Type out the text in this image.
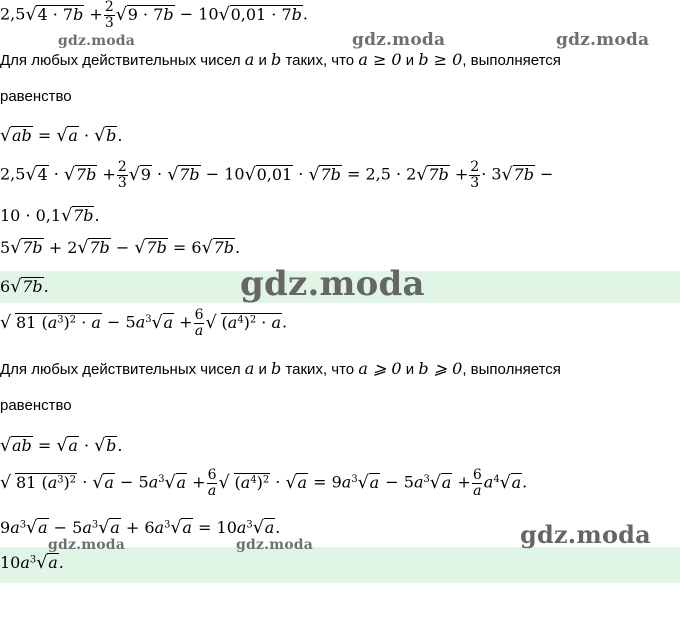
2,5√ $4 \cdot 7b + \frac{2}{3}$
√ 9 · 7b − 10√ 0,01 · 7b.
Для любых действительных чисел a и b таких, что a ≥ 0 и b ≥ 0, выполняется
равенство
√ ab = √ a · √ b.
2,5√ 4 · √ $7b + \frac{2}{3}$
√ 9 · √ 7b − 10√ 0,01 · √ 7b = 2,5 · 2√ $7b + \frac{2}{3} \cdot 3√$ 7b −
10 · 0,1√ 7b.
5√ 7b + 2√ 7b − √ 7b = 6√ 7b.
6√ 7b.
√ 81 $(a^3)^2 \cdot a - 5a^3√$ $a + \frac{6}{a}$
√ $(a^4)^2 \cdot a$.
Для любых действительных чисел a и b таких, что a ⩾ 0 и b ⩾ 0, выполняется
равенство
√ ab = √ a · √ b.
√ 81 $(a^3)^2$ · √ $a - 5a^3√$ $a + \frac{6}{a}$
√ $(a^4)^2$ · √ $a = 9a^3√$ $a - 5a^3√$ $a + \frac{6}{a} a^4√$ a.
$9a^3√$ $a - 5a^3√$ $a + 6a^3√$ $a = 10a^3√$ a.
$10a^3√$ a.
gdz.moda	gdz.moda	gdz.moda
gdz.moda
gdz.moda
gdz.moda	gdz.moda
